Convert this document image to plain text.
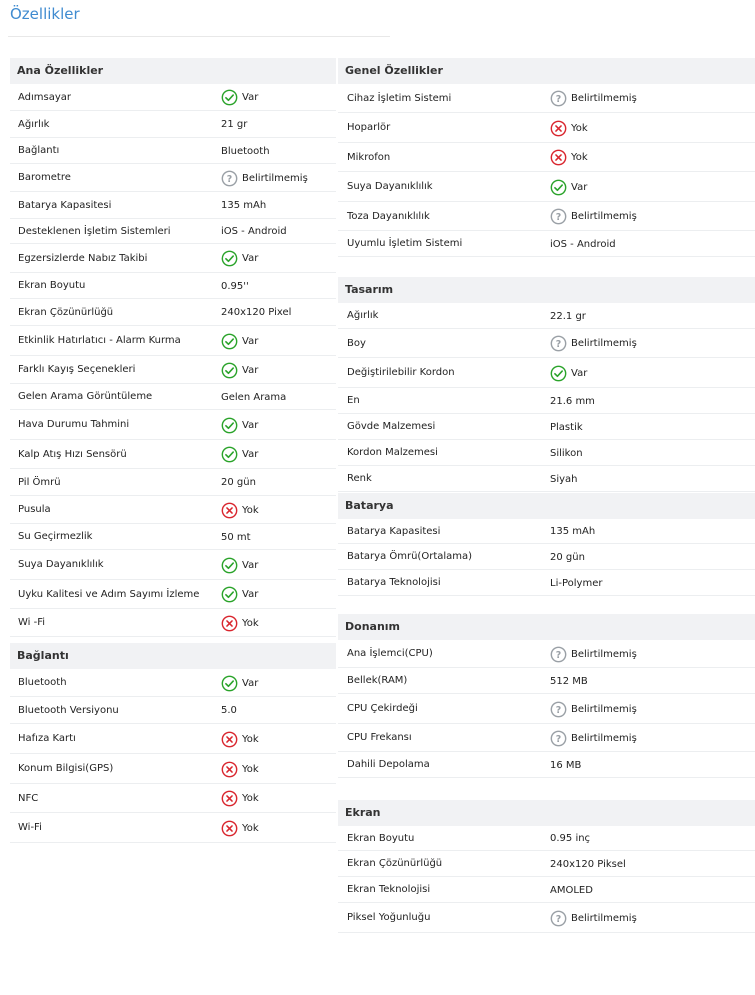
Özellikler
Ana Özellikler
Adımsayar	Var
Ağırlık	21 gr
Bağlantı	Bluetooth
Barometre	? Belirtilmemiş
Batarya Kapasitesi	135 mAh
Desteklenen İşletim Sistemleri	iOS - Android
Egzersizlerde Nabız Takibi	Var
Ekran Boyutu	0.95''
Ekran Çözünürlüğü	240x120 Pixel
Etkinlik Hatırlatıcı - Alarm Kurma	Var
Farklı Kayış Seçenekleri	Var
Gelen Arama Görüntüleme	Gelen Arama
Hava Durumu Tahmini	Var
Kalp Atış Hızı Sensörü	Var
Pil Ömrü	20 gün
Pusula	Yok
Su Geçirmezlik	50 mt
Suya Dayanıklılık	Var
Uyku Kalitesi ve Adım Sayımı İzleme	Var
Wi -Fi	Yok
Bağlantı
Bluetooth	Var
Bluetooth Versiyonu	5.0
Hafıza Kartı	Yok
Konum Bilgisi(GPS)	Yok
NFC	Yok
Wi-Fi	Yok
Genel Özellikler
Cihaz İşletim Sistemi	? Belirtilmemiş
Hoparlör	Yok
Mikrofon	Yok
Suya Dayanıklılık	Var
Toza Dayanıklılık	? Belirtilmemiş
Uyumlu İşletim Sistemi	iOS - Android
Tasarım
Ağırlık	22.1 gr
Boy	? Belirtilmemiş
Değiştirilebilir Kordon	Var
En	21.6 mm
Gövde Malzemesi	Plastik
Kordon Malzemesi	Silikon
Renk	Siyah
Batarya
Batarya Kapasitesi	135 mAh
Batarya Ömrü(Ortalama)	20 gün
Batarya Teknolojisi	Li-Polymer
Donanım
Ana İşlemci(CPU)	? Belirtilmemiş
Bellek(RAM)	512 MB
CPU Çekirdeği	? Belirtilmemiş
CPU Frekansı	? Belirtilmemiş
Dahili Depolama	16 MB
Ekran
Ekran Boyutu	0.95 inç
Ekran Çözünürlüğü	240x120 Piksel
Ekran Teknolojisi	AMOLED
Piksel Yoğunluğu	? Belirtilmemiş
